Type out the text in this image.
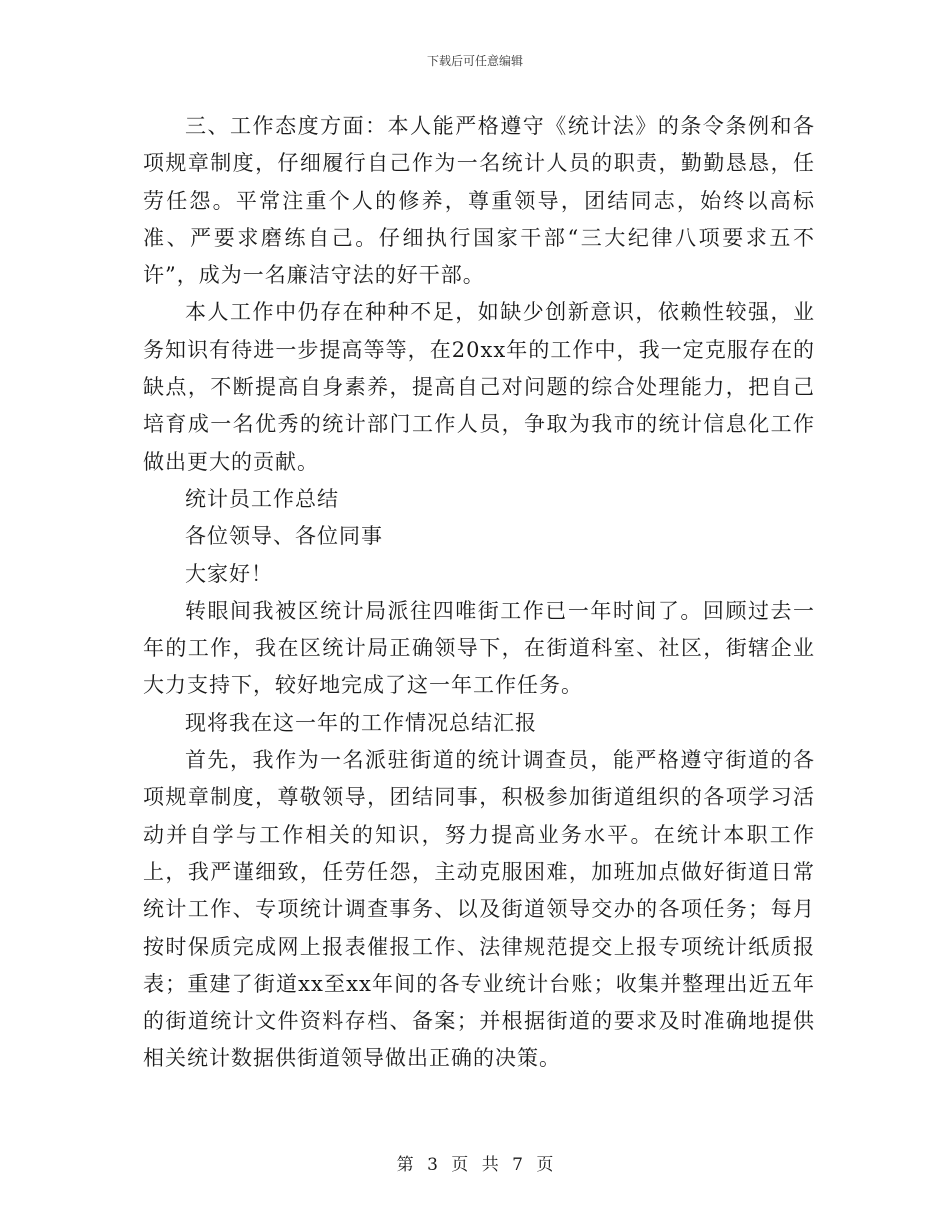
下载后可任意编辑

三、工作态度方面：本人能严格遵守《统计法》的条令条例和各项规章制度，仔细履行自己作为一名统计人员的职责，勤勤恳恳，任劳任怨。平常注重个人的修养，尊重领导，团结同志，始终以高标准、严要求磨练自己。仔细执行国家干部“三大纪律八项要求五不许”，成为一名廉洁守法的好干部。

本人工作中仍存在种种不足，如缺少创新意识，依赖性较强，业务知识有待进一步提高等等，在20xx年的工作中，我一定克服存在的缺点，不断提高自身素养，提高自己对问题的综合处理能力，把自己培育成一名优秀的统计部门工作人员，争取为我市的统计信息化工作做出更大的贡献。

统计员工作总结

各位领导、各位同事

大家好！

转眼间我被区统计局派往四唯街工作已一年时间了。回顾过去一年的工作，我在区统计局正确领导下，在街道科室、社区，街辖企业大力支持下，较好地完成了这一年工作任务。

现将我在这一年的工作情况总结汇报

首先，我作为一名派驻街道的统计调查员，能严格遵守街道的各项规章制度，尊敬领导，团结同事，积极参加街道组织的各项学习活动并自学与工作相关的知识，努力提高业务水平。在统计本职工作上，我严谨细致，任劳任怨，主动克服困难，加班加点做好街道日常统计工作、专项统计调查事务、以及街道领导交办的各项任务；每月按时保质完成网上报表催报工作、法律规范提交上报专项统计纸质报表；重建了街道xx至xx年间的各专业统计台账；收集并整理出近五年的街道统计文件资料存档、备案；并根据街道的要求及时准确地提供相关统计数据供街道领导做出正确的决策。

第 3 页 共 7 页
